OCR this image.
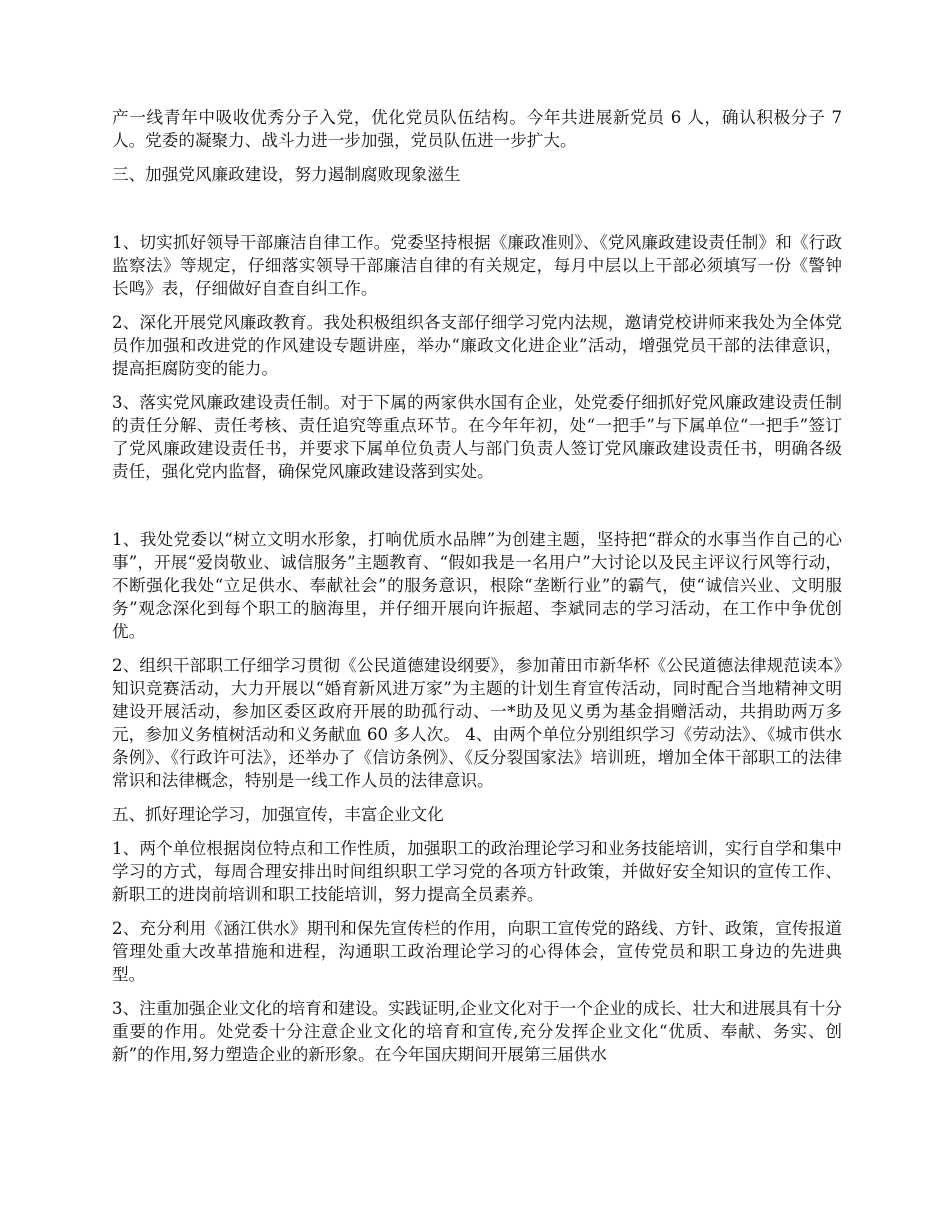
产一线青年中吸收优秀分子入党，优化党员队伍结构。今年共进展新党员 6 人，确认积极分子 7 人。党委的凝聚力、战斗力进一步加强，党员队伍进一步扩大。

三、加强党风廉政建设，努力遏制腐败现象滋生

1、切实抓好领导干部廉洁自律工作。党委坚持根据《廉政准则》、《党风廉政建设责任制》和《行政监察法》等规定，仔细落实领导干部廉洁自律的有关规定，每月中层以上干部必须填写一份《警钟长鸣》表，仔细做好自查自纠工作。

2、深化开展党风廉政教育。我处积极组织各支部仔细学习党内法规，邀请党校讲师来我处为全体党员作加强和改进党的作风建设专题讲座，举办“廉政文化进企业”活动，增强党员干部的法律意识，提高拒腐防变的能力。

3、落实党风廉政建设责任制。对于下属的两家供水国有企业，处党委仔细抓好党风廉政建设责任制的责任分解、责任考核、责任追究等重点环节。在今年年初，处“一把手”与下属单位“一把手”签订了党风廉政建设责任书，并要求下属单位负责人与部门负责人签订党风廉政建设责任书，明确各级责任，强化党内监督，确保党风廉政建设落到实处。

1、我处党委以“树立文明水形象，打响优质水品牌”为创建主题，坚持把“群众的水事当作自己的心事”，开展“爱岗敬业、诚信服务”主题教育、“假如我是一名用户”大讨论以及民主评议行风等行动，不断强化我处“立足供水、奉献社会”的服务意识，根除“垄断行业”的霸气，使“诚信兴业、文明服务”观念深化到每个职工的脑海里，并仔细开展向许振超、李斌同志的学习活动，在工作中争优创优。

2、组织干部职工仔细学习贯彻《公民道德建设纲要》，参加莆田市新华杯《公民道德法律规范读本》知识竞赛活动，大力开展以“婚育新风进万家”为主题的计划生育宣传活动，同时配合当地精神文明建设开展活动，参加区委区政府开展的助孤行动、一*助及见义勇为基金捐赠活动，共捐助两万多元，参加义务植树活动和义务献血 60 多人次。 4、由两个单位分别组织学习《劳动法》、《城市供水条例》、《行政许可法》，还举办了《信访条例》、《反分裂国家法》培训班，增加全体干部职工的法律常识和法律概念，特别是一线工作人员的法律意识。

五、抓好理论学习，加强宣传，丰富企业文化

1、两个单位根据岗位特点和工作性质，加强职工的政治理论学习和业务技能培训，实行自学和集中学习的方式，每周合理安排出时间组织职工学习党的各项方针政策，并做好安全知识的宣传工作、新职工的进岗前培训和职工技能培训，努力提高全员素养。

2、充分利用《涵江供水》期刊和保先宣传栏的作用，向职工宣传党的路线、方针、政策，宣传报道管理处重大改革措施和进程，沟通职工政治理论学习的心得体会，宣传党员和职工身边的先进典型。

3、注重加强企业文化的培育和建设。实践证明,企业文化对于一个企业的成长、壮大和进展具有十分重要的作用。处党委十分注意企业文化的培育和宣传,充分发挥企业文化“优质、奉献、务实、创新”的作用,努力塑造企业的新形象。在今年国庆期间开展第三届供水
